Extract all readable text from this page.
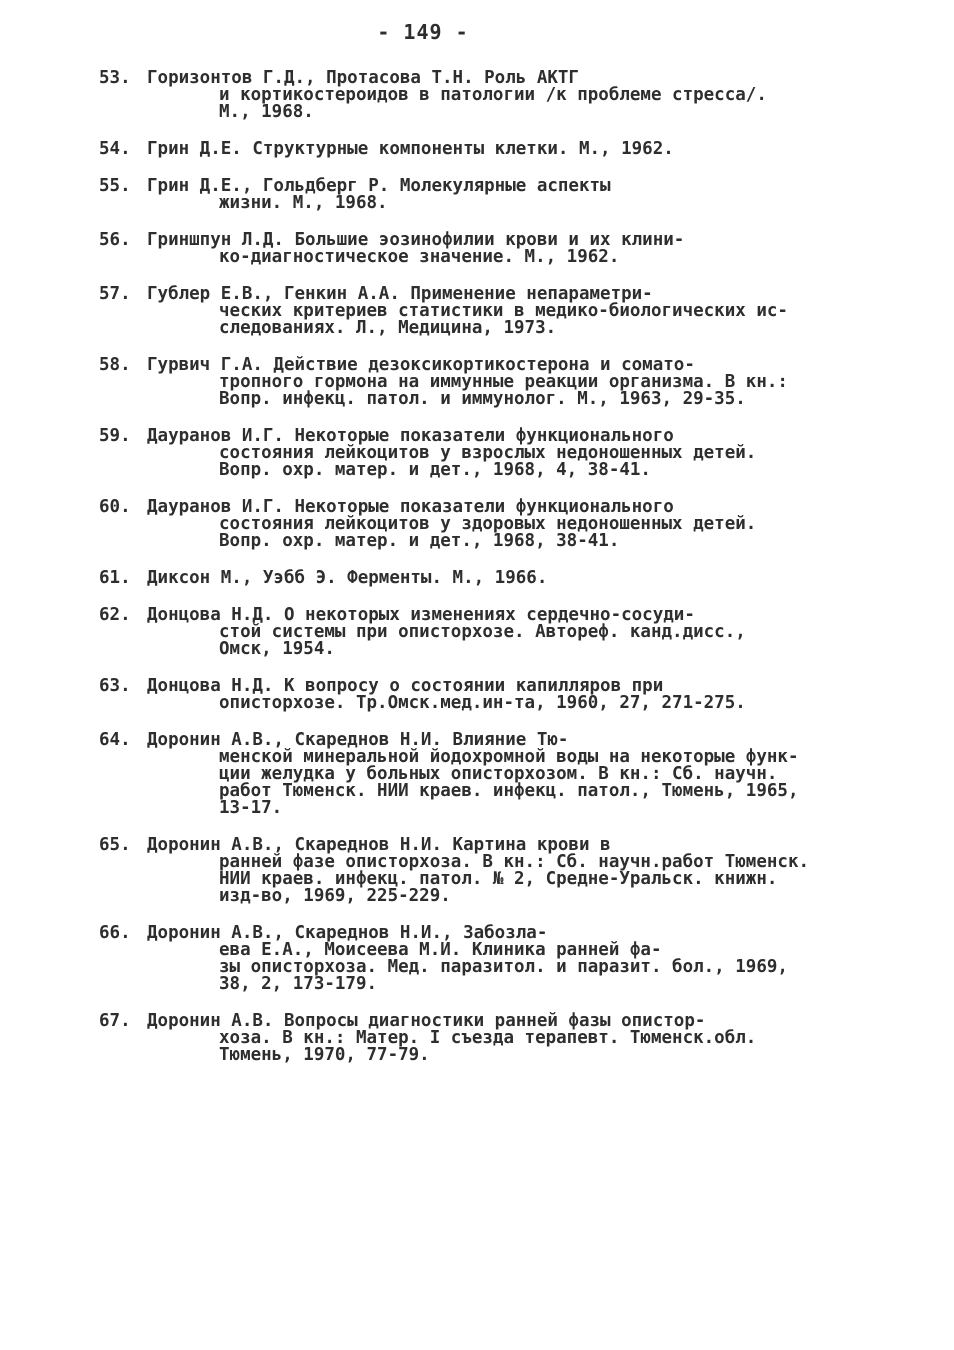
- 149 -
53. Горизонтов Г.Д., Протасова Т.Н. Роль АКТГ
и кортикостероидов в патологии /к проблеме стресса/.
М., 1968.
54. Грин Д.Е. Структурные компоненты клетки. М., 1962.
55. Грин Д.Е., Гольдберг Р. Молекулярные аспекты
жизни. М., 1968.
56. Гриншпун Л.Д. Большие эозинофилии крови и их клини-
ко-диагностическое значение. М., 1962.
57. Гублер Е.В., Генкин А.А. Применение непараметри-
ческих критериев статистики в медико-биологических ис-
следованиях. Л., Медицина, 1973.
58. Гурвич Г.А. Действие дезоксикортикостерона и сомато-
тропного гормона на иммунные реакции организма. В кн.:
Вопр. инфекц. патол. и иммунолог. М., 1963, 29-35.
59. Дауранов И.Г. Некоторые показатели функционального
состояния лейкоцитов у взрослых недоношенных детей.
Вопр. охр. матер. и дет., 1968, 4, 38-41.
60. Дауранов И.Г. Некоторые показатели функционального
состояния лейкоцитов у здоровых недоношенных детей.
Вопр. охр. матер. и дет., 1968, 38-41.
61. Диксон М., Уэбб Э. Ферменты. М., 1966.
62. Донцова Н.Д. О некоторых изменениях сердечно-сосуди-
стой системы при описторхозе. Автореф. канд.дисс.,
Омск, 1954.
63. Донцова Н.Д. К вопросу о состоянии капилляров при
описторхозе. Тр.Омск.мед.ин-та, 1960, 27, 271-275.
64. Доронин А.В., Скареднов Н.И. Влияние Тю-
менской минеральной йодохромной воды на некоторые функ-
ции желудка у больных описторхозом. В кн.: Сб. научн.
работ Тюменск. НИИ краев. инфекц. патол., Тюмень, 1965,
13-17.
65. Доронин А.В., Скареднов Н.И. Картина крови в
ранней фазе описторхоза. В кн.: Сб. научн.работ Тюменск.
НИИ краев. инфекц. патол. № 2, Средне-Уральск. книжн.
изд-во, 1969, 225-229.
66. Доронин А.В., Скареднов Н.И., Забозла-
ева Е.А., Моисеева М.И. Клиника ранней фа-
зы описторхоза. Мед. паразитол. и паразит. бол., 1969,
38, 2, 173-179.
67. Доронин А.В. Вопросы диагностики ранней фазы опистор-
хоза. В кн.: Матер. I съезда терапевт. Тюменск.обл.
Тюмень, 1970, 77-79.
